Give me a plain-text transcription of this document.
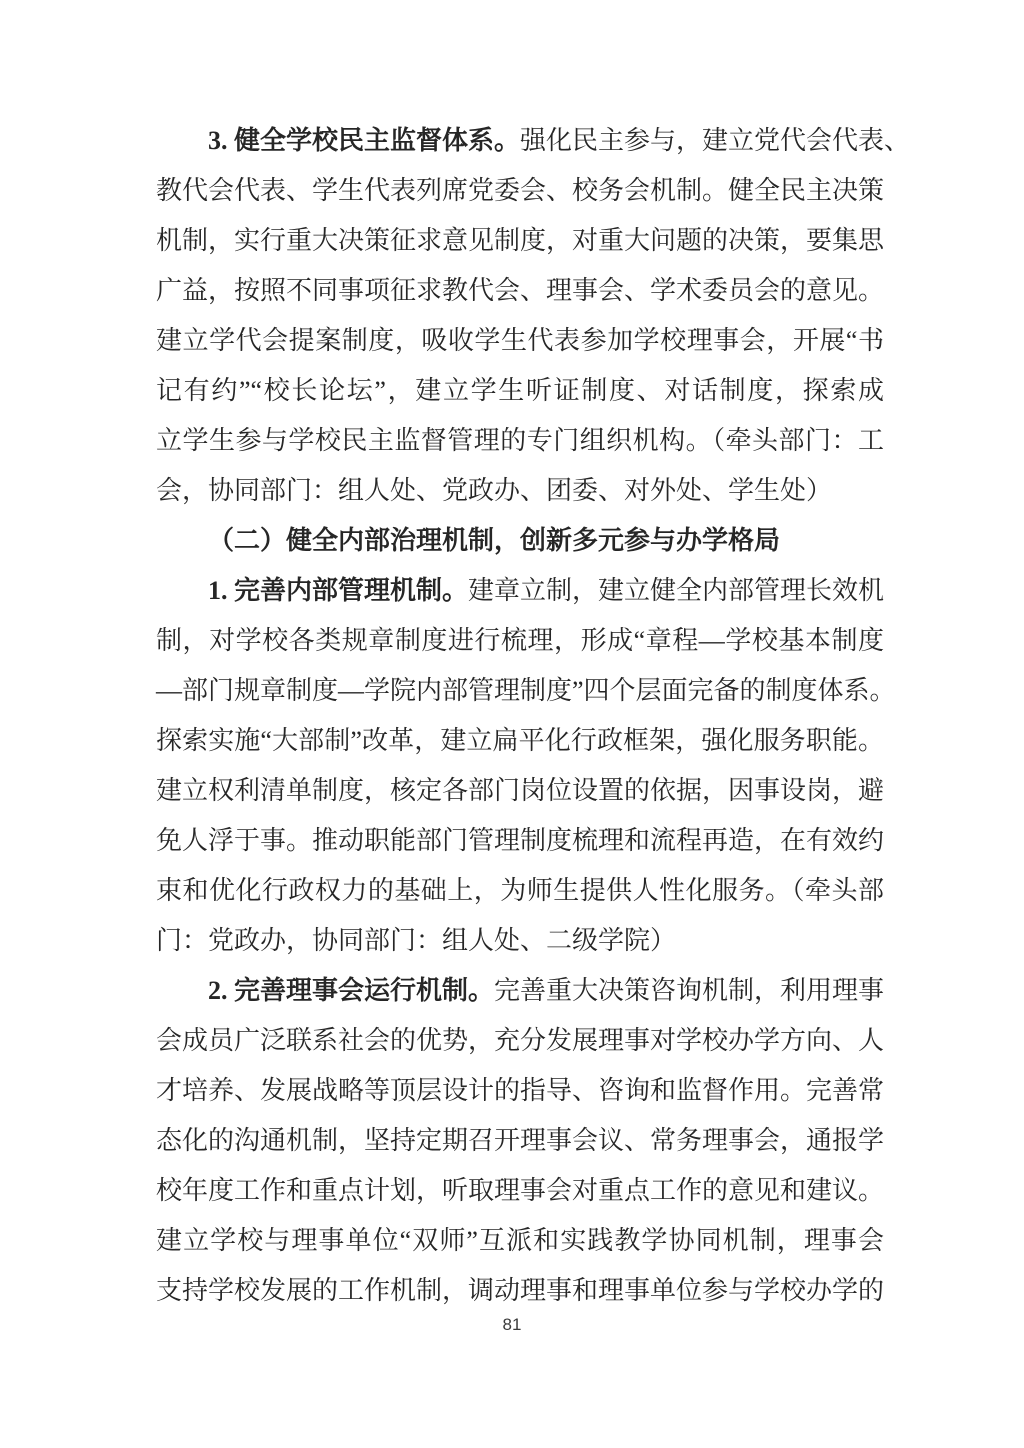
3. 健全学校民主监督体系。强化民主参与，建立党代会代表、
教代会代表、学生代表列席党委会、校务会机制。健全民主决策
机制，实行重大决策征求意见制度，对重大问题的决策，要集思
广益，按照不同事项征求教代会、理事会、学术委员会的意见。
建立学代会提案制度，吸收学生代表参加学校理事会，开展“书
记有约”“校长论坛”，建立学生听证制度、对话制度，探索成
立学生参与学校民主监督管理的专门组织机构。（牵头部门：工
会，协同部门：组人处、党政办、团委、对外处、学生处）
（二）健全内部治理机制，创新多元参与办学格局
1. 完善内部管理机制。建章立制，建立健全内部管理长效机
制，对学校各类规章制度进行梳理，形成“章程—学校基本制度
—部门规章制度—学院内部管理制度”四个层面完备的制度体系。
探索实施“大部制”改革，建立扁平化行政框架，强化服务职能。
建立权利清单制度，核定各部门岗位设置的依据，因事设岗，避
免人浮于事。推动职能部门管理制度梳理和流程再造，在有效约
束和优化行政权力的基础上，为师生提供人性化服务。（牵头部
门：党政办，协同部门：组人处、二级学院）
2. 完善理事会运行机制。完善重大决策咨询机制，利用理事
会成员广泛联系社会的优势，充分发展理事对学校办学方向、人
才培养、发展战略等顶层设计的指导、咨询和监督作用。完善常
态化的沟通机制，坚持定期召开理事会议、常务理事会，通报学
校年度工作和重点计划，听取理事会对重点工作的意见和建议。
建立学校与理事单位“双师”互派和实践教学协同机制，理事会
支持学校发展的工作机制，调动理事和理事单位参与学校办学的
81
